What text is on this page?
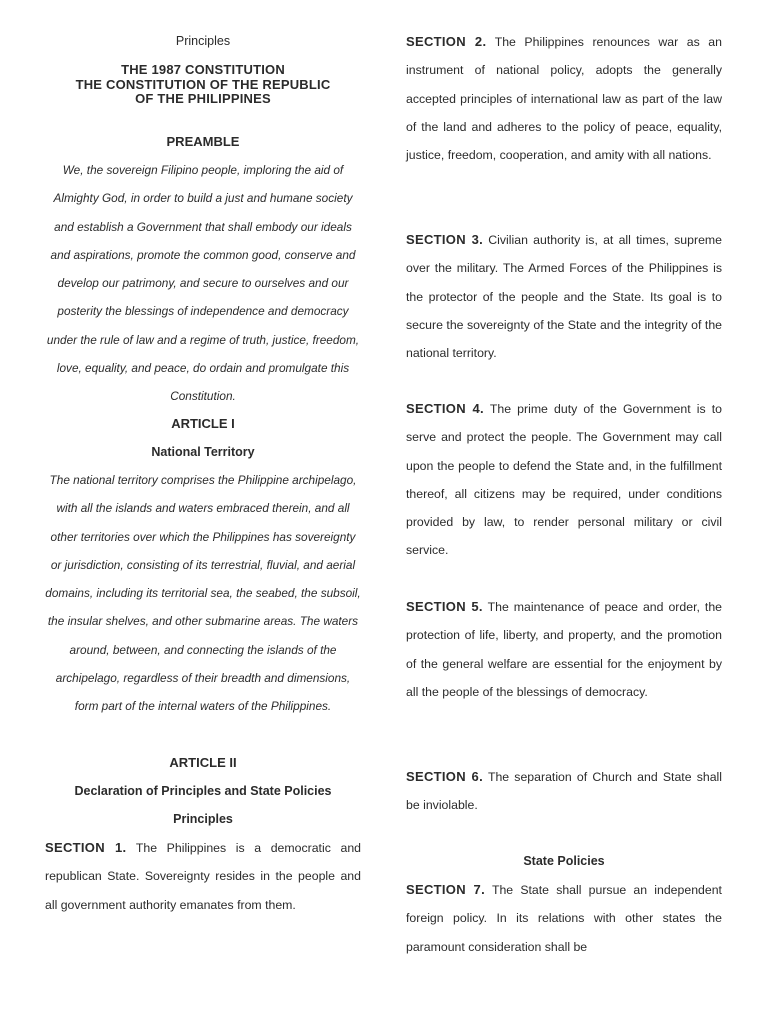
Principles
THE 1987 CONSTITUTION
THE CONSTITUTION OF THE REPUBLIC
OF THE PHILIPPINES
PREAMBLE

We, the sovereign Filipino people, imploring the aid of Almighty God, in order to build a just and humane society and establish a Government that shall embody our ideals and aspirations, promote the common good, conserve and develop our patrimony, and secure to ourselves and our posterity the blessings of independence and democracy under the rule of law and a regime of truth, justice, freedom, love, equality, and peace, do ordain and promulgate this Constitution.

ARTICLE I
National Territory

The national territory comprises the Philippine archipelago, with all the islands and waters embraced therein, and all other territories over which the Philippines has sovereignty or jurisdiction, consisting of its terrestrial, fluvial, and aerial domains, including its territorial sea, the seabed, the subsoil, the insular shelves, and other submarine areas. The waters around, between, and connecting the islands of the archipelago, regardless of their breadth and dimensions, form part of the internal waters of the Philippines.

ARTICLE II
Declaration of Principles and State Policies
Principles

SECTION 1. The Philippines is a democratic and republican State. Sovereignty resides in the people and all government authority emanates from them.

SECTION 2. The Philippines renounces war as an instrument of national policy, adopts the generally accepted principles of international law as part of the law of the land and adheres to the policy of peace, equality, justice, freedom, cooperation, and amity with all nations.

SECTION 3. Civilian authority is, at all times, supreme over the military. The Armed Forces of the Philippines is the protector of the people and the State. Its goal is to secure the sovereignty of the State and the integrity of the national territory.

SECTION 4. The prime duty of the Government is to serve and protect the people. The Government may call upon the people to defend the State and, in the fulfillment thereof, all citizens may be required, under conditions provided by law, to render personal military or civil service.

SECTION 5. The maintenance of peace and order, the protection of life, liberty, and property, and the promotion of the general welfare are essential for the enjoyment by all the people of the blessings of democracy.

SECTION 6. The separation of Church and State shall be inviolable.

State Policies

SECTION 7. The State shall pursue an independent foreign policy. In its relations with other states the paramount consideration shall be
